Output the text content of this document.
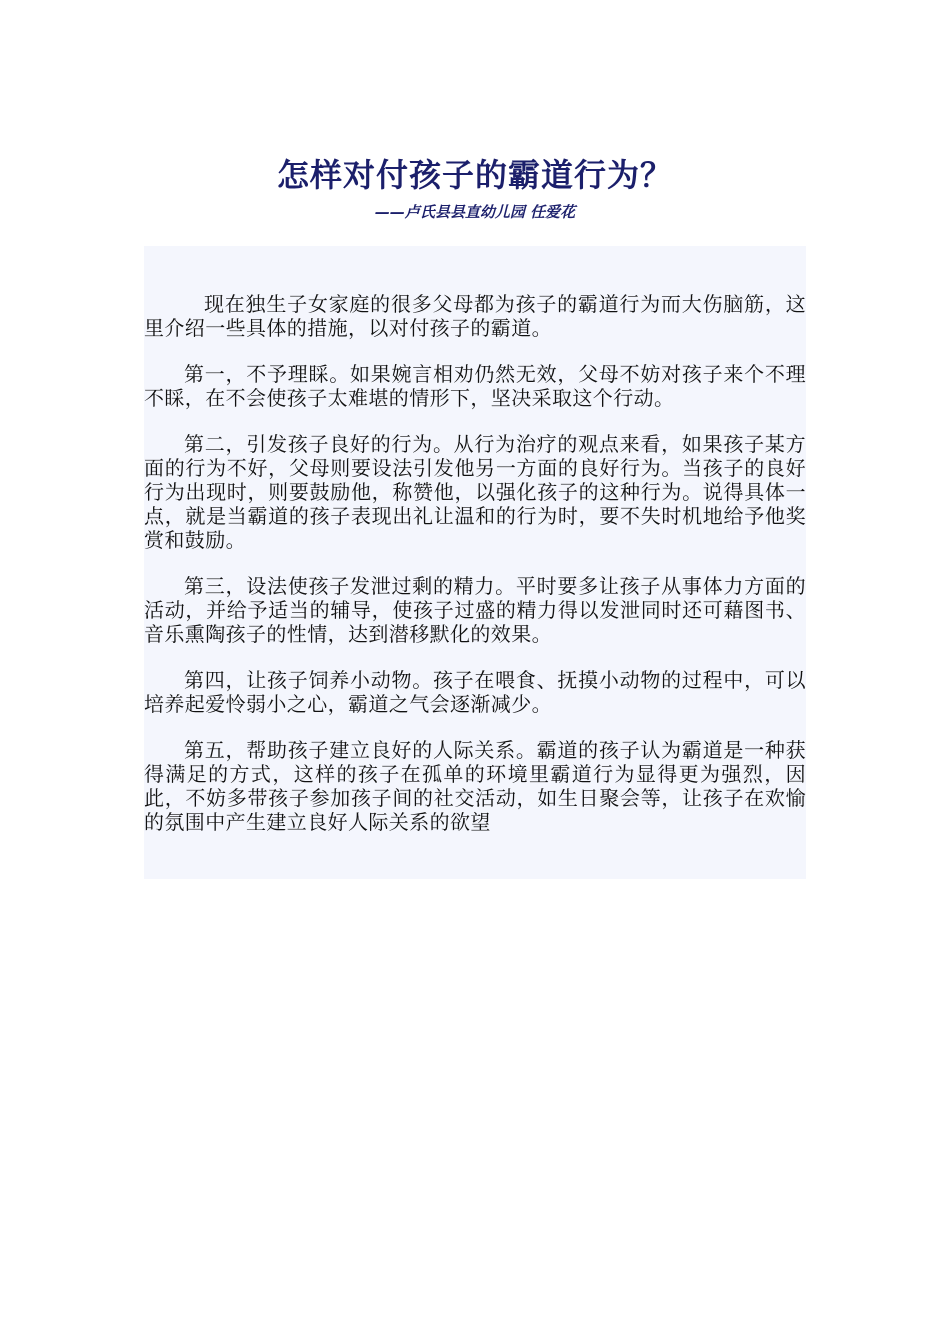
怎样对付孩子的霸道行为？
——卢氏县县直幼儿园 任爱花

现在独生子女家庭的很多父母都为孩子的霸道行为而大伤脑筋，这里介绍一些具体的措施，以对付孩子的霸道。

第一，不予理睬。如果婉言相劝仍然无效，父母不妨对孩子来个不理不睬，在不会使孩子太难堪的情形下，坚决采取这个行动。

第二，引发孩子良好的行为。从行为治疗的观点来看，如果孩子某方面的行为不好，父母则要设法引发他另一方面的良好行为。当孩子的良好行为出现时，则要鼓励他，称赞他，以强化孩子的这种行为。说得具体一点，就是当霸道的孩子表现出礼让温和的行为时，要不失时机地给予他奖赏和鼓励。

第三，设法使孩子发泄过剩的精力。平时要多让孩子从事体力方面的活动，并给予适当的辅导，使孩子过盛的精力得以发泄同时还可藉图书、音乐熏陶孩子的性情，达到潜移默化的效果。

第四，让孩子饲养小动物。孩子在喂食、抚摸小动物的过程中，可以培养起爱怜弱小之心，霸道之气会逐渐减少。

第五，帮助孩子建立良好的人际关系。霸道的孩子认为霸道是一种获得满足的方式，这样的孩子在孤单的环境里霸道行为显得更为强烈，因此，不妨多带孩子参加孩子间的社交活动，如生日聚会等，让孩子在欢愉的氛围中产生建立良好人际关系的欲望
